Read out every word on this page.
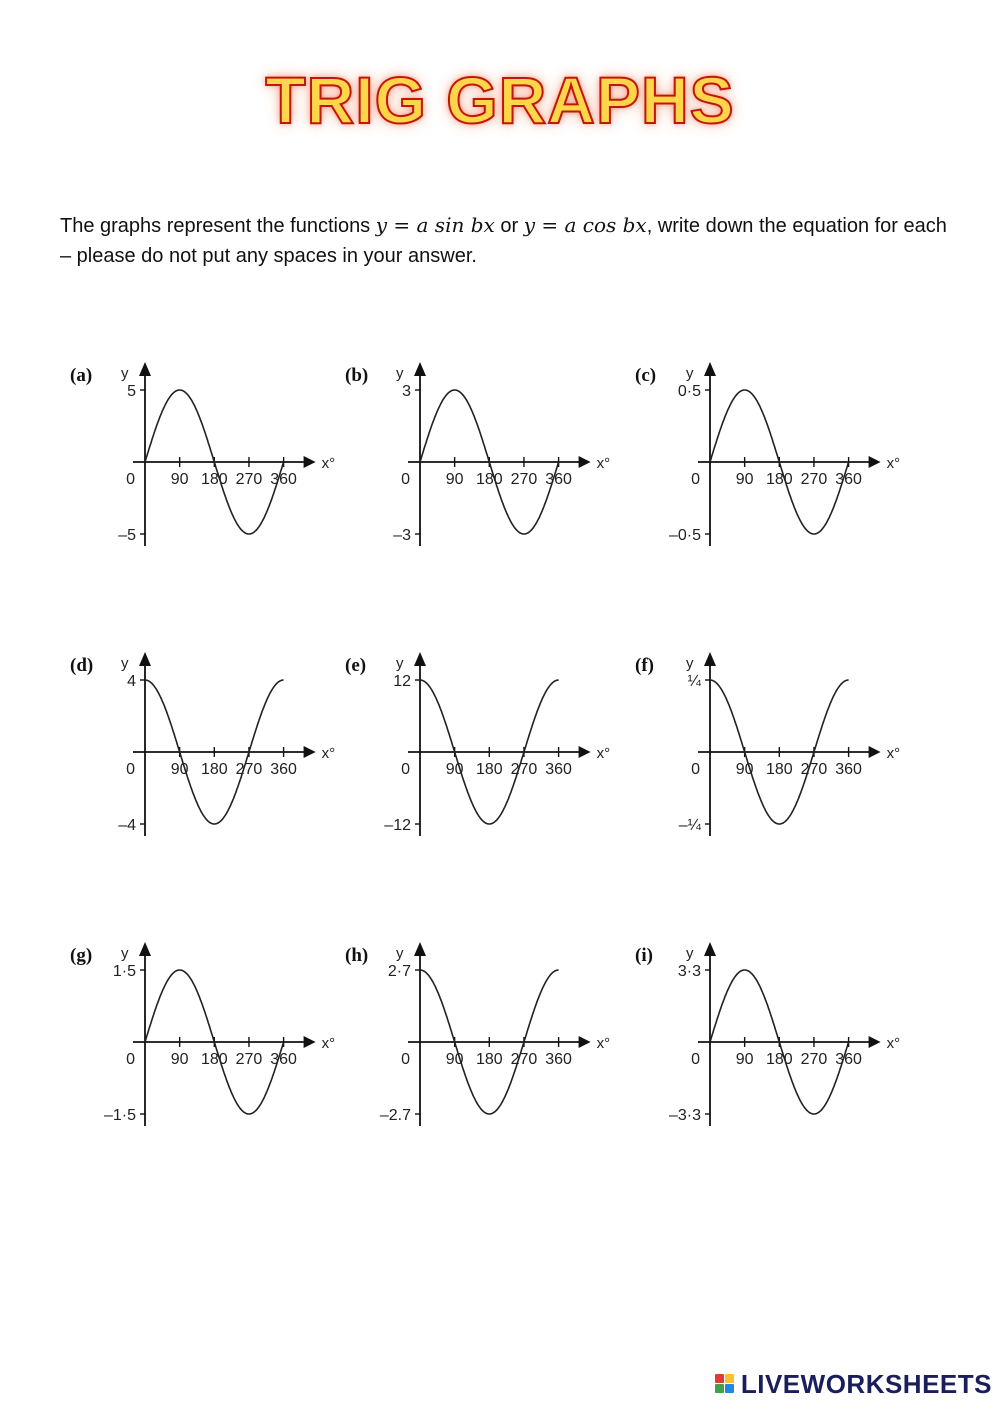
TRIG GRAPHS
The graphs represent the functions y = a sin bx or y = a cos bx, write down the equation for each – please do not put any spaces in your answer.
(a)
x°
y
5
–5
0 90 180 270 360
(b)
x°
y
3
–3
0 90 180 270 360
(c)
x°
y
0·5
–0·5
0 90 180 270 360
(d)
x°
y
4
–4
0 90 180 270 360
(e)
x°
y
12
–12
0 90 180 270 360
(f)
x°
y
¼
–¼
0 90 180 270 360
(g)
x°
y
1·5
–1·5
0 90 180 270 360
(h)
x°
y
2·7
–2.7
0 90 180 270 360
(i)
x°
y
3·3
–3·3
0 90 180 270 360
LIVEWORKSHEETS
